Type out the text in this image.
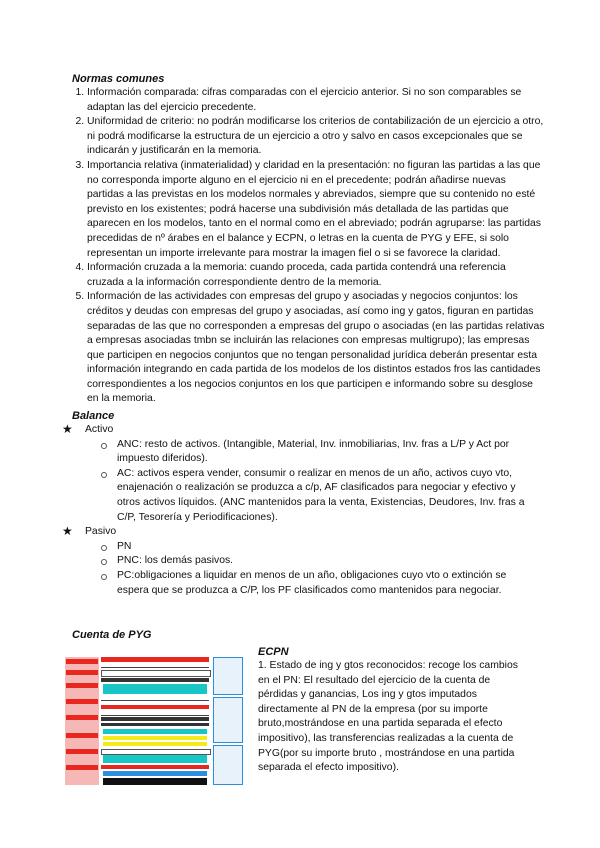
Normas comunes
1. Información comparada: cifras comparadas con el ejercicio anterior. Si no son comparables se adaptan las del ejercicio precedente.
2. Uniformidad de criterio: no podrán modificarse los criterios de contabilización de un ejercicio a otro, ni podrá modificarse la estructura de un ejercicio a otro y salvo en casos excepcionales que se indicarán y justificarán en la memoria.
3. Importancia relativa (inmaterialidad) y claridad en la presentación: no figuran las partidas a las que no corresponda importe alguno en el ejercicio ni en el precedente; podrán añadirse nuevas partidas a las previstas en los modelos normales y abreviados, siempre que su contenido no esté previsto en los existentes; podrá hacerse una subdivisión más detallada de las partidas que aparecen en los modelos, tanto en el normal como en el abreviado; podrán agruparse: las partidas precedidas de nº árabes en el balance y ECPN, o letras en la cuenta de PYG y EFE, si solo representan un importe irrelevante para mostrar la imagen fiel o si se favorece la claridad.
4. Información cruzada a la memoria: cuando proceda, cada partida contendrá una referencia cruzada a la información correspondiente dentro de la memoria.
5. Información de las actividades con empresas del grupo y asociadas y negocios conjuntos: los créditos y deudas con empresas del grupo y asociadas, así como ing y gatos, figuran en partidas separadas de las que no corresponden a empresas del grupo o asociadas (en las partidas relativas a empresas asociadas tmbn se incluirán las relaciones con empresas multigrupo); las empresas que participen en negocios conjuntos que no tengan personalidad jurídica deberán presentar esta información integrando en cada partida de los modelos de los distintos estados fros las cantidades correspondientes a los negocios conjuntos en los que participen e informando sobre su desglose en la memoria.
Balance
★ Activo
ANC: resto de activos. (Intangible, Material, Inv. inmobiliarias, Inv. fras a L/P y Act por impuesto diferidos).
AC: activos espera vender, consumir o realizar en menos de un año, activos cuyo vto, enajenación o realización se produzca a c/p, AF clasificados para negociar y efectivo y otros activos líquidos. (ANC mantenidos para la venta, Existencias, Deudores, Inv. fras a C/P, Tesorería y Periodificaciones).
★ Pasivo
PN
PNC: los demás pasivos.
PC:obligaciones a liquidar en menos de un año, obligaciones cuyo vto o extinción se espera que se produzca a C/P, los PF clasificados como mantenidos para negociar.
Cuenta de PYG
ECPN
1. Estado de ing y gtos reconocidos: recoge los cambios en el PN: El resultado del ejercicio de la cuenta de pérdidas y ganancias, Los ing y gtos imputados directamente al PN de la empresa (por su importe bruto,mostrándose en una partida separada el efecto impositivo), las transferencias realizadas a la cuenta de PYG(por su importe bruto , mostrándose en una partida separada el efecto impositivo).
